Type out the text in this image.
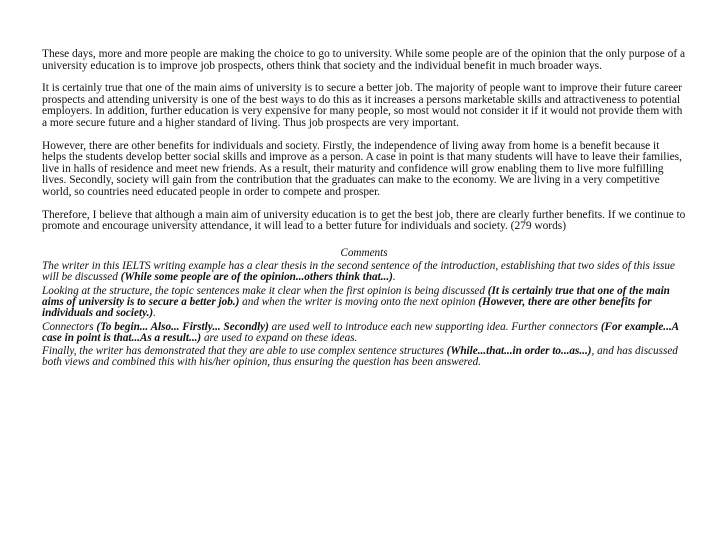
These days, more and more people are making the choice to go to university. While some people are of the opinion that the only purpose of a university education is to improve job prospects, others think that society and the individual benefit in much broader ways.

It is certainly true that one of the main aims of university is to secure a better job. The majority of people want to improve their future career prospects and attending university is one of the best ways to do this as it increases a persons marketable skills and attractiveness to potential employers. In addition, further education is very expensive for many people, so most would not consider it if it would not provide them with a more secure future and a higher standard of living. Thus job prospects are very important.

However, there are other benefits for individuals and society. Firstly, the independence of living away from home is a benefit because it helps the students develop better social skills and improve as a person. A case in point is that many students will have to leave their families, live in halls of residence and meet new friends. As a result, their maturity and confidence will grow enabling them to live more fulfilling lives. Secondly, society will gain from the contribution that the graduates can make to the economy. We are living in a very competitive world, so countries need educated people in order to compete and prosper.

Therefore, I believe that although a main aim of university education is to get the best job, there are clearly further benefits. If we continue to promote and encourage university attendance, it will lead to a better future for individuals and society. (279 words)

Comments

The writer in this IELTS writing example has a clear thesis in the second sentence of the introduction, establishing that two sides of this issue will be discussed (While some people are of the opinion...others think that...).

Looking at the structure, the topic sentences make it clear when the first opinion is being discussed (It is certainly true that one of the main aims of university is to secure a better job.) and when the writer is moving onto the next opinion (However, there are other benefits for individuals and society.).

Connectors (To begin... Also... Firstly... Secondly) are used well to introduce each new supporting idea. Further connectors (For example...A case in point is that...As a result...) are used to expand on these ideas.

Finally, the writer has demonstrated that they are able to use complex sentence structures (While...that...in order to...as...), and has discussed both views and combined this with his/her opinion, thus ensuring the question has been answered.
